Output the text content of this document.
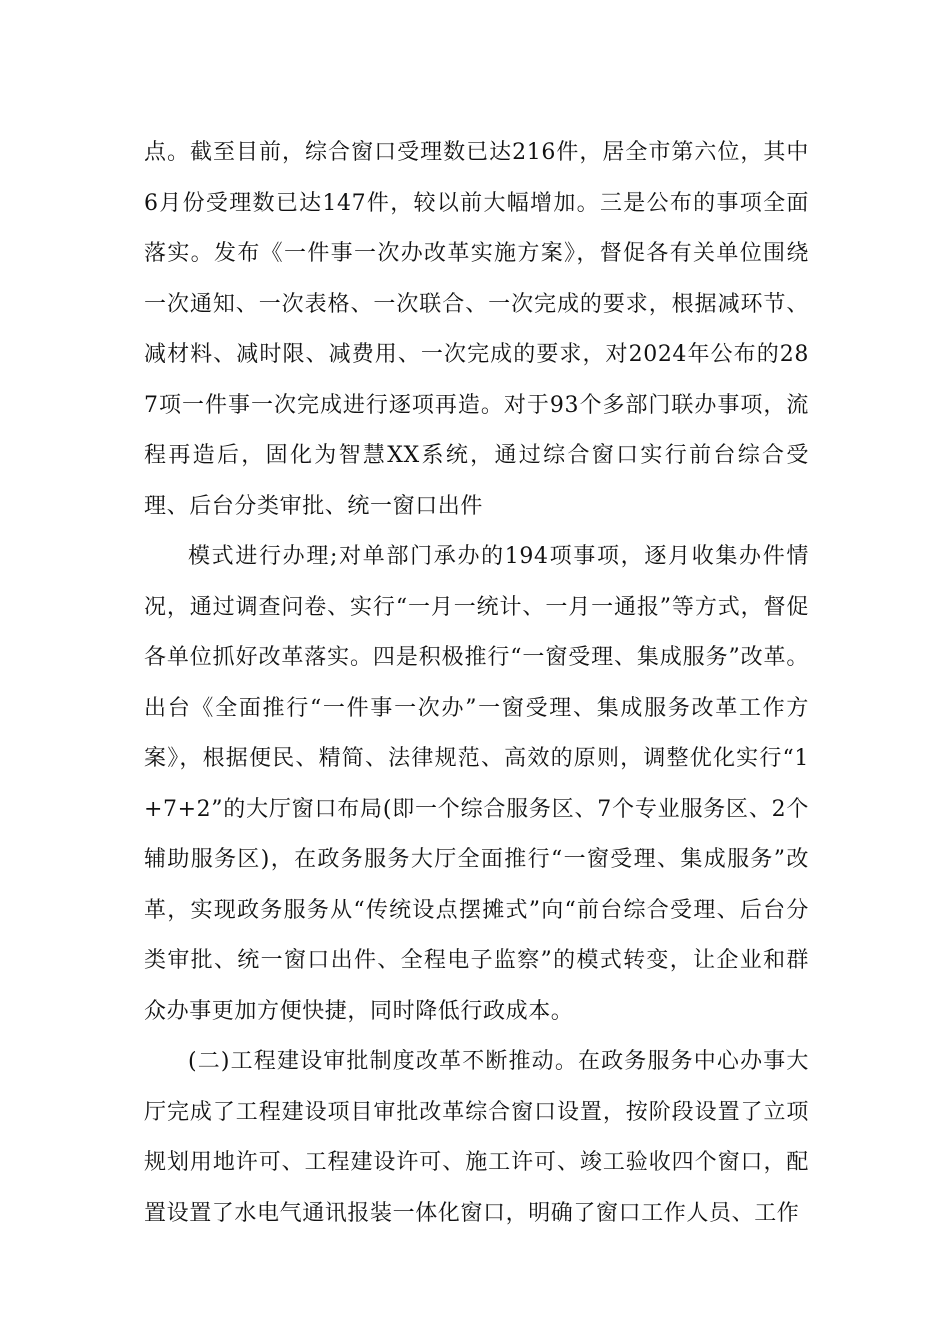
点。截至目前，综合窗口受理数已达216件，居全市第六位，其中6月份受理数已达147件，较以前大幅增加。三是公布的事项全面落实。发布《一件事一次办改革实施方案》，督促各有关单位围绕一次通知、一次表格、一次联合、一次完成的要求，根据减环节、减材料、减时限、减费用、一次完成的要求，对2024年公布的287项一件事一次完成进行逐项再造。对于93个多部门联办事项，流程再造后，固化为智慧XX系统，通过综合窗口实行前台综合受理、后台分类审批、统一窗口出件

模式进行办理;对单部门承办的194项事项，逐月收集办件情况，通过调查问卷、实行“一月一统计、一月一通报”等方式，督促各单位抓好改革落实。四是积极推行“一窗受理、集成服务”改革。出台《全面推行“一件事一次办”一窗受理、集成服务改革工作方案》，根据便民、精简、法律规范、高效的原则，调整优化实行“1+7+2”的大厅窗口布局(即一个综合服务区、7个专业服务区、2个辅助服务区)，在政务服务大厅全面推行“一窗受理、集成服务”改革，实现政务服务从“传统设点摆摊式”向“前台综合受理、后台分类审批、统一窗口出件、全程电子监察”的模式转变，让企业和群众办事更加方便快捷，同时降低行政成本。

(二)工程建设审批制度改革不断推动。在政务服务中心办事大厅完成了工程建设项目审批改革综合窗口设置，按阶段设置了立项规划用地许可、工程建设许可、施工许可、竣工验收四个窗口，配置设置了水电气通讯报装一体化窗口，明确了窗口工作人员、工作
